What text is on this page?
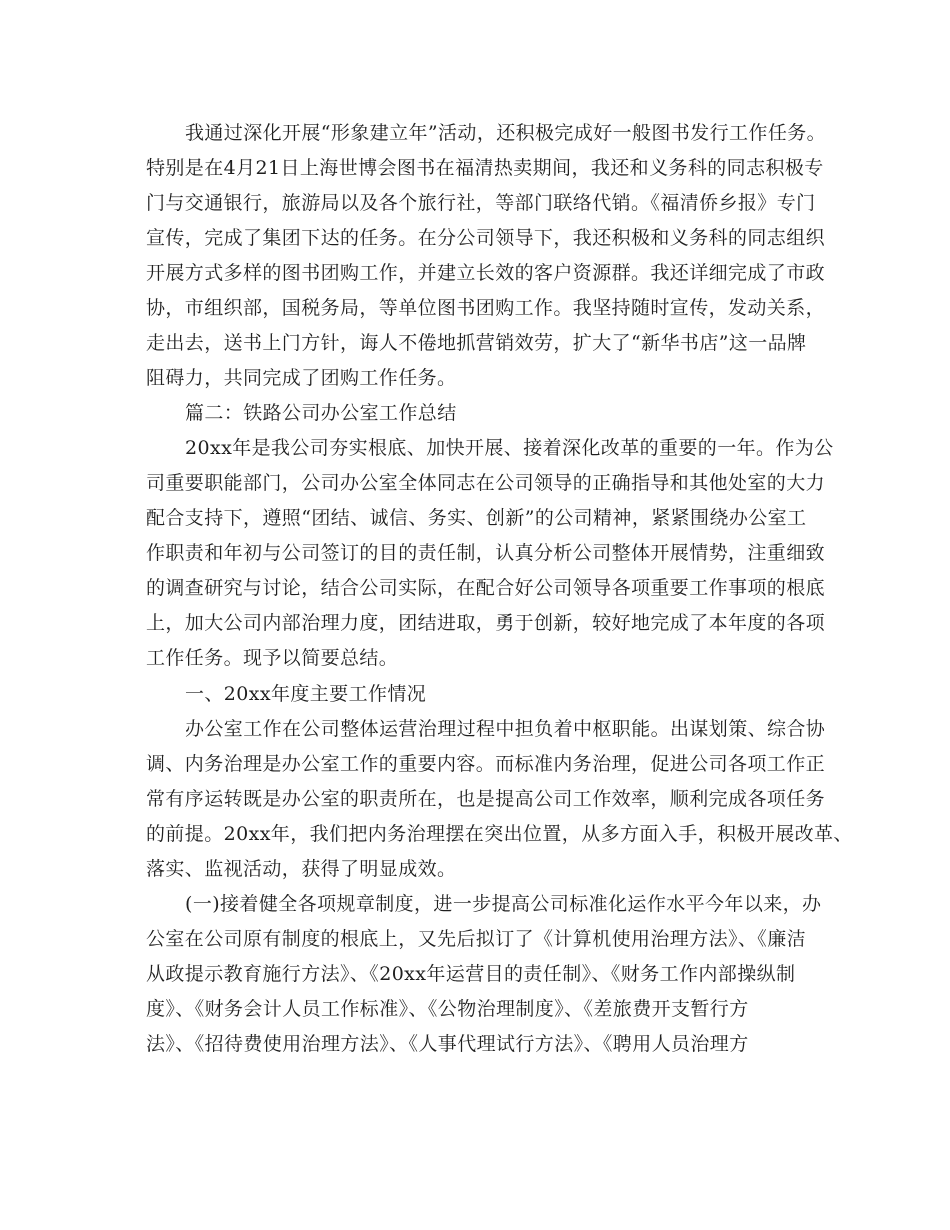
我通过深化开展“形象建立年”活动，还积极完成好一般图书发行工作任务。
特别是在4月21日上海世博会图书在福清热卖期间，我还和义务科的同志积极专
门与交通银行，旅游局以及各个旅行社，等部门联络代销。《福清侨乡报》专门
宣传，完成了集团下达的任务。在分公司领导下，我还积极和义务科的同志组织
开展方式多样的图书团购工作，并建立长效的客户资源群。我还详细完成了市政
协，市组织部，国税务局，等单位图书团购工作。我坚持随时宣传，发动关系，
走出去，送书上门方针，诲人不倦地抓营销效劳，扩大了“新华书店”这一品牌
阻碍力，共同完成了团购工作任务。
篇二：铁路公司办公室工作总结
20xx年是我公司夯实根底、加快开展、接着深化改革的重要的一年。作为公
司重要职能部门，公司办公室全体同志在公司领导的正确指导和其他处室的大力
配合支持下，遵照“团结、诚信、务实、创新”的公司精神，紧紧围绕办公室工
作职责和年初与公司签订的目的责任制，认真分析公司整体开展情势，注重细致
的调查研究与讨论，结合公司实际，在配合好公司领导各项重要工作事项的根底
上，加大公司内部治理力度，团结进取，勇于创新，较好地完成了本年度的各项
工作任务。现予以简要总结。
一、20xx年度主要工作情况
办公室工作在公司整体运营治理过程中担负着中枢职能。出谋划策、综合协
调、内务治理是办公室工作的重要内容。而标准内务治理，促进公司各项工作正
常有序运转既是办公室的职责所在，也是提高公司工作效率，顺利完成各项任务
的前提。20xx年，我们把内务治理摆在突出位置，从多方面入手，积极开展改革、
落实、监视活动，获得了明显成效。
(一)接着健全各项规章制度，进一步提高公司标准化运作水平今年以来，办
公室在公司原有制度的根底上，又先后拟订了《计算机使用治理方法》、《廉洁
从政提示教育施行方法》、《20xx年运营目的责任制》、《财务工作内部操纵制
度》、《财务会计人员工作标准》、《公物治理制度》、《差旅费开支暂行方
法》、《招待费使用治理方法》、《人事代理试行方法》、《聘用人员治理方
